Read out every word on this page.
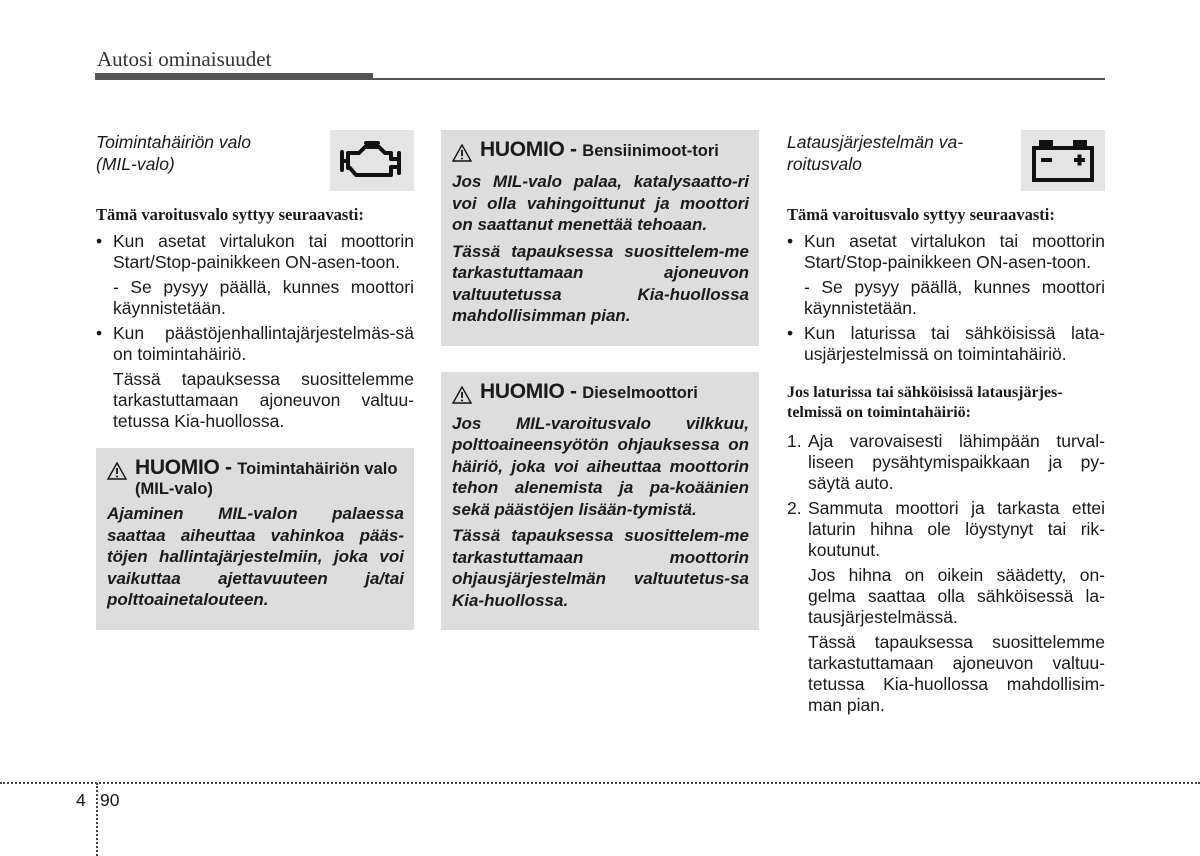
Autosi ominaisuudet
Toimintahäiriön valo
(MIL-valo)
Tämä varoitusvalo syttyy seuraavasti:
• Kun asetat virtalukon tai moottorin Start/Stop-painikkeen ON-asen-toon.
- Se pysyy päällä, kunnes moottori käynnistetään.
• Kun päästöjenhallintajärjestelmäs-sä on toimintahäiriö.
Tässä tapauksessa suosittelemme tarkastuttamaan ajoneuvon valtuu-tetussa Kia-huollossa.
HUOMIO - Toimintahäiriön valo (MIL-valo)

Ajaminen MIL-valon palaessa saattaa aiheuttaa vahinkoa pääs-töjen hallintajärjestelmiin, joka voi vaikuttaa ajettavuuteen ja/tai polttoainetalouteen.

HUOMIO - Bensiinimoot-tori

Jos MIL-valo palaa, katalysaatto-ri voi olla vahingoittunut ja moottori on saattanut menettää tehoaan.

Tässä tapauksessa suosittelem-me tarkastuttamaan ajoneuvon valtuutetussa Kia-huollossa mahdollisimman pian.

HUOMIO - Dieselmoottori

Jos MIL-varoitusvalo vilkkuu, polttoaineensyötön ohjauksessa on häiriö, joka voi aiheuttaa moottorin tehon alenemista ja pa-koäänien sekä päästöjen lisään-tymistä.

Tässä tapauksessa suosittelem-me tarkastuttamaan moottorin ohjausjärjestelmän valtuutetus-sa Kia-huollossa.

Latausjärjestelmän va-
roitusvalo
Tämä varoitusvalo syttyy seuraavasti:
• Kun asetat virtalukon tai moottorin Start/Stop-painikkeen ON-asen-toon.
- Se pysyy päällä, kunnes moottori käynnistetään.
• Kun laturissa tai sähköisissä lata-usjärjestelmissä on toimintahäiriö.
Jos laturissa tai sähköisissä latausjärjes-telmissä on toimintahäiriö:
1. Aja varovaisesti lähimpään turval-liseen pysähtymispaikkaan ja py-säytä auto.
2. Sammuta moottori ja tarkasta ettei laturin hihna ole löystynyt tai rik-koutunut.
Jos hihna on oikein säädetty, on-gelma saattaa olla sähköisessä la-tausjärjestelmässä.
Tässä tapauksessa suosittelemme tarkastuttamaan ajoneuvon valtuu-tetussa Kia-huollossa mahdollisim-man pian.
4 90
